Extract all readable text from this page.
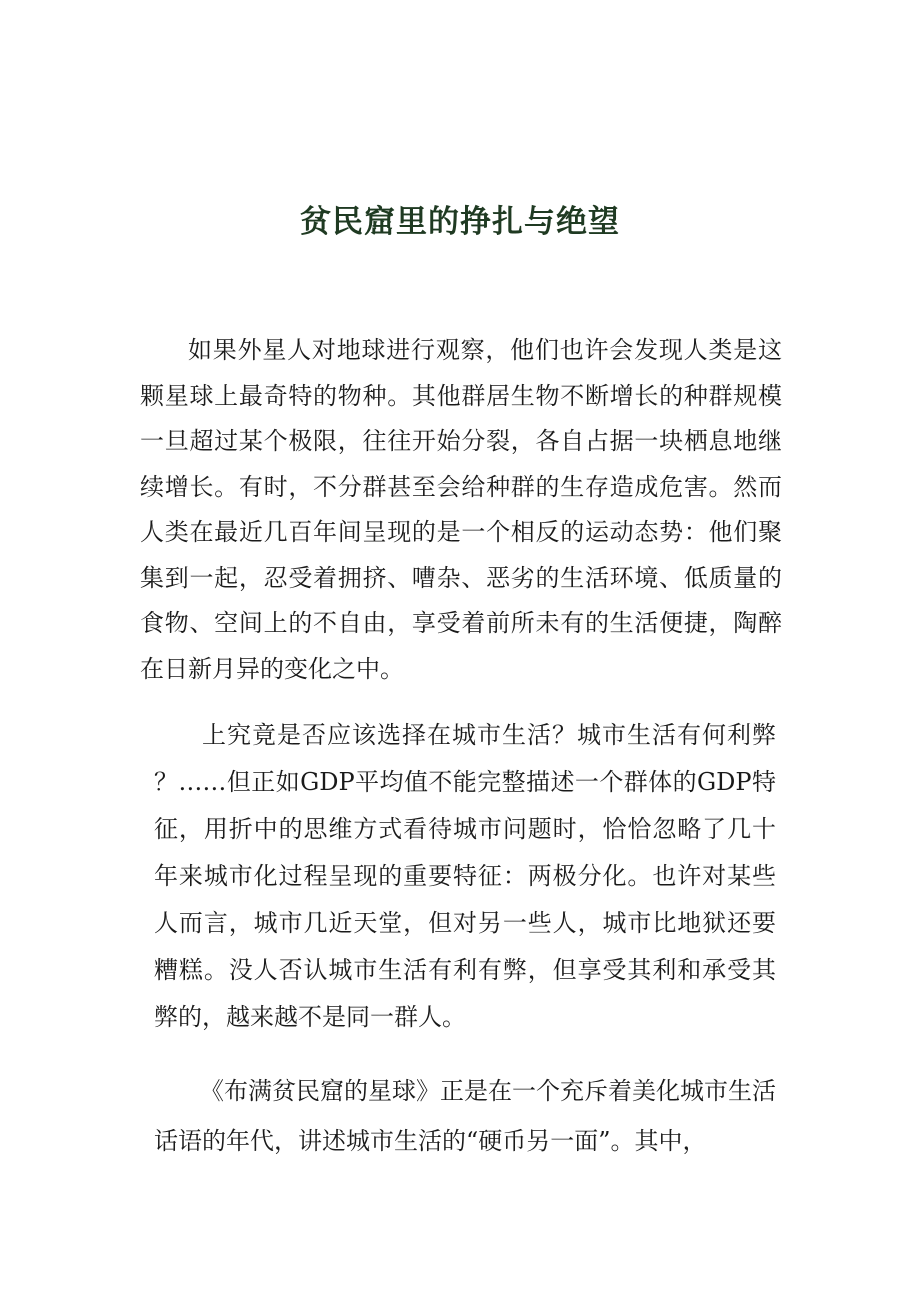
贫民窟里的挣扎与绝望

如果外星人对地球进行观察，他们也许会发现人类是这颗星球上最奇特的物种。其他群居生物不断增长的种群规模一旦超过某个极限，往往开始分裂，各自占据一块栖息地继续增长。有时，不分群甚至会给种群的生存造成危害。然而人类在最近几百年间呈现的是一个相反的运动态势：他们聚集到一起，忍受着拥挤、嘈杂、恶劣的生活环境、低质量的食物、空间上的不自由，享受着前所未有的生活便捷，陶醉在日新月异的变化之中。

上究竟是否应该选择在城市生活？城市生活有何利弊？……但正如GDP平均值不能完整描述一个群体的GDP特征，用折中的思维方式看待城市问题时，恰恰忽略了几十年来城市化过程呈现的重要特征：两极分化。也许对某些人而言，城市几近天堂，但对另一些人，城市比地狱还要糟糕。没人否认城市生活有利有弊，但享受其利和承受其弊的，越来越不是同一群人。

《布满贫民窟的星球》正是在一个充斥着美化城市生活话语的年代，讲述城市生活的“硬币另一面”。其中，
